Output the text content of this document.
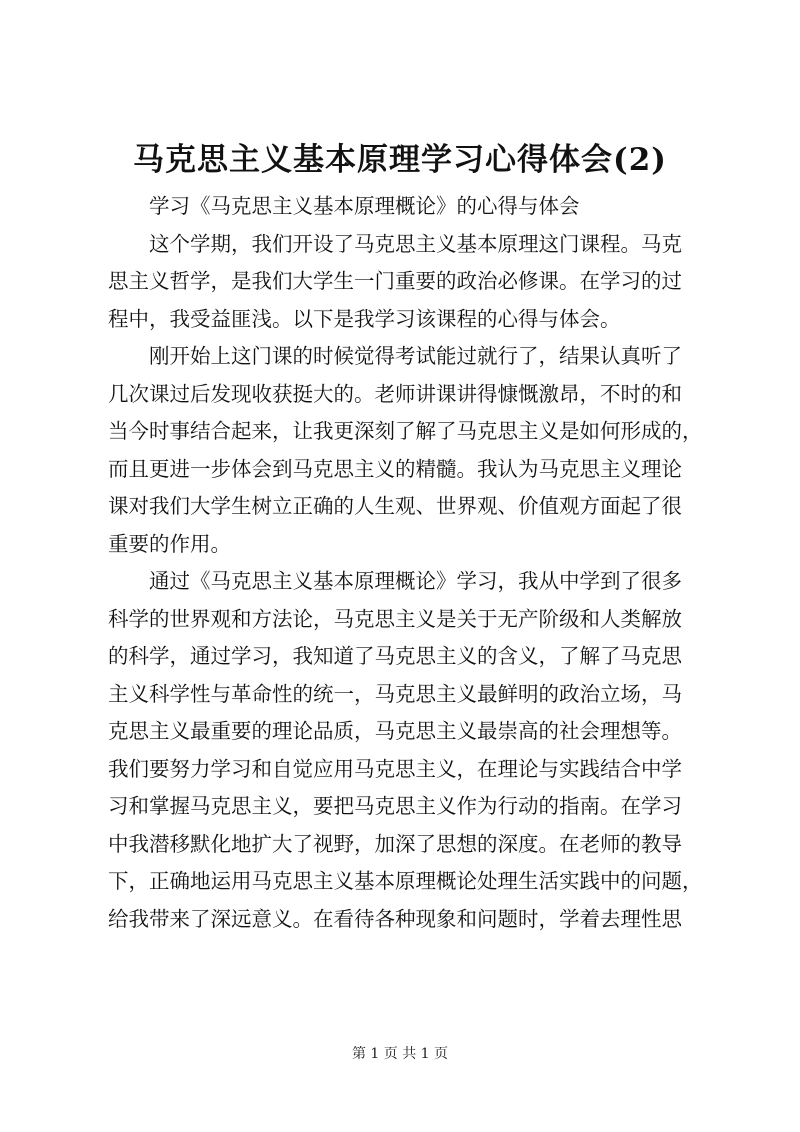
马克思主义基本原理学习心得体会(2)
学习《马克思主义基本原理概论》的心得与体会
这个学期，我们开设了马克思主义基本原理这门课程。马克
思主义哲学，是我们大学生一门重要的政治必修课。在学习的过
程中，我受益匪浅。以下是我学习该课程的心得与体会。
刚开始上这门课的时候觉得考试能过就行了，结果认真听了
几次课过后发现收获挺大的。老师讲课讲得慷慨激昂，不时的和
当今时事结合起来，让我更深刻了解了马克思主义是如何形成的，
而且更进一步体会到马克思主义的精髓。我认为马克思主义理论
课对我们大学生树立正确的人生观、世界观、价值观方面起了很
重要的作用。
通过《马克思主义基本原理概论》学习，我从中学到了很多
科学的世界观和方法论，马克思主义是关于无产阶级和人类解放
的科学，通过学习，我知道了马克思主义的含义，了解了马克思
主义科学性与革命性的统一，马克思主义最鲜明的政治立场，马
克思主义最重要的理论品质，马克思主义最崇高的社会理想等。
我们要努力学习和自觉应用马克思主义，在理论与实践结合中学
习和掌握马克思主义，要把马克思主义作为行动的指南。在学习
中我潜移默化地扩大了视野，加深了思想的深度。在老师的教导
下，正确地运用马克思主义基本原理概论处理生活实践中的问题，
给我带来了深远意义。在看待各种现象和问题时，学着去理性思
第 1 页 共 1 页
